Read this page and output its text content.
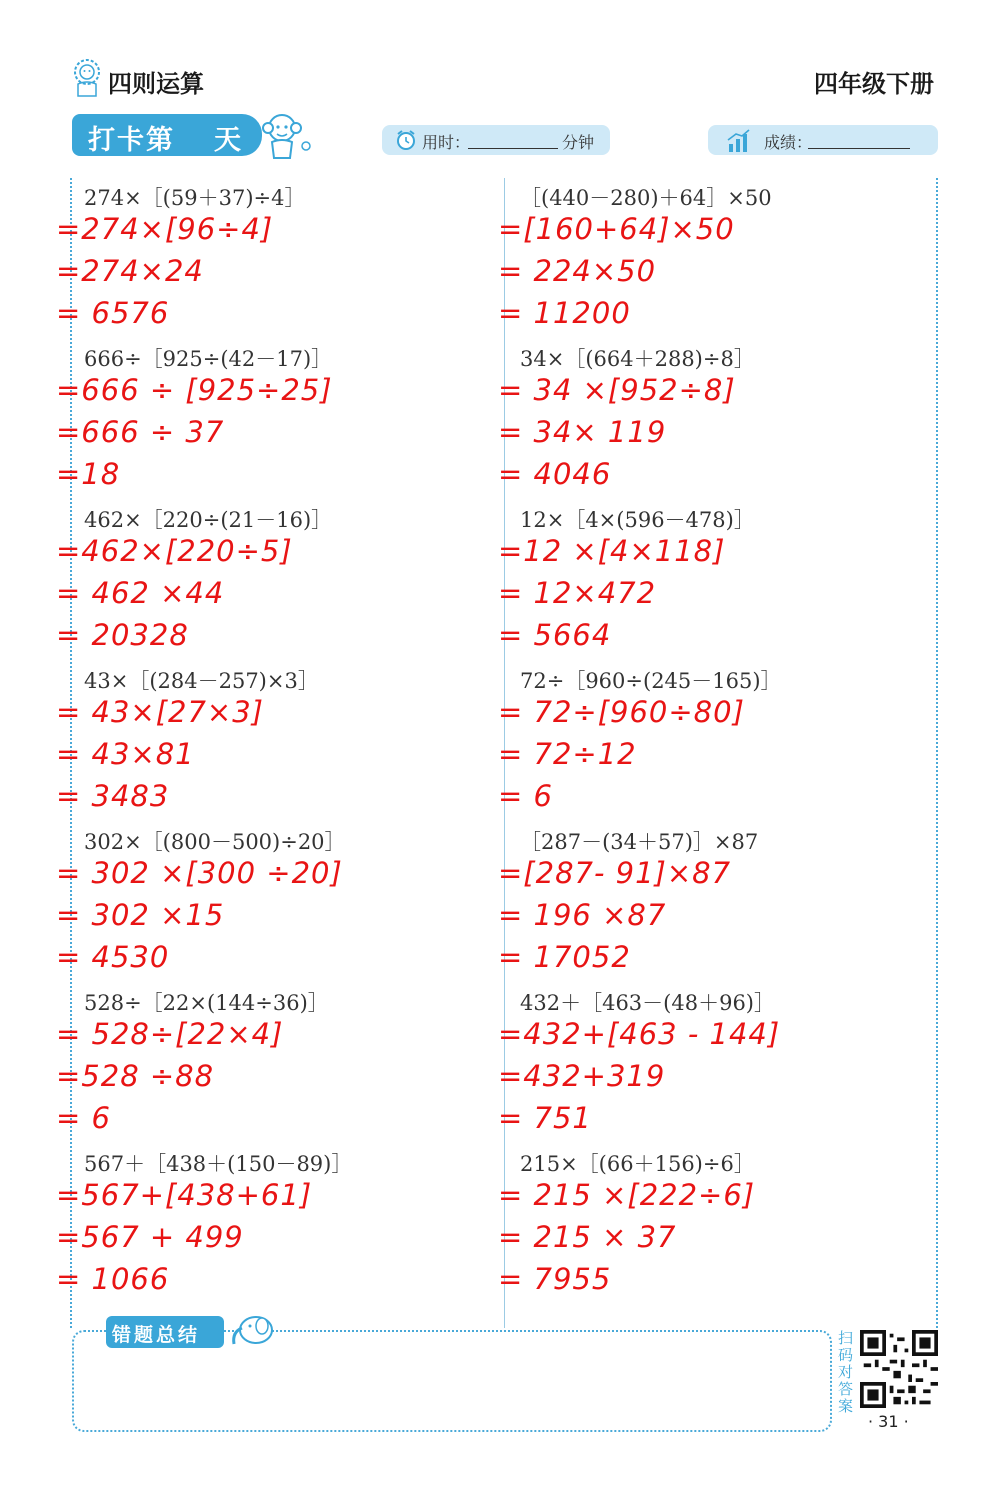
四则运算	四年级下册
打卡第 天	用时：	分钟	成绩：
274×［(59＋37)÷4］
=274×[96÷4]
=274×24
= 6576
666÷［925÷(42－17)］
=666 ÷ [925÷25]
=666 ÷ 37
=18
462×［220÷(21－16)］
=462×[220÷5]
= 462 ×44
= 20328
43×［(284－257)×3］
= 43×[27×3]
= 43×81
= 3483
302×［(800－500)÷20］
= 302 ×[300 ÷20]
= 302 ×15
= 4530
528÷［22×(144÷36)］
= 528÷[22×4]
=528 ÷88
= 6
567＋［438＋(150－89)］
=567+[438+61]
=567 + 499
= 1066
［(440－280)＋64］×50
=[160+64]×50
= 224×50
= 11200
34×［(664＋288)÷8］
= 34 ×[952÷8]
= 34× 119
= 4046
12×［4×(596－478)］
=12 ×[4×118]
= 12×472
= 5664
72÷［960÷(245－165)］
= 72÷[960÷80]
= 72÷12
= 6
［287－(34＋57)］×87
=[287- 91]×87
= 196 ×87
= 17052
432＋［463－(48＋96)］
=432+[463 - 144]
=432+319
= 751
215×［(66＋156)÷6］
= 215 ×[222÷6]
= 215 × 37
= 7955
错题总结	扫码对答案
· 31 ·
